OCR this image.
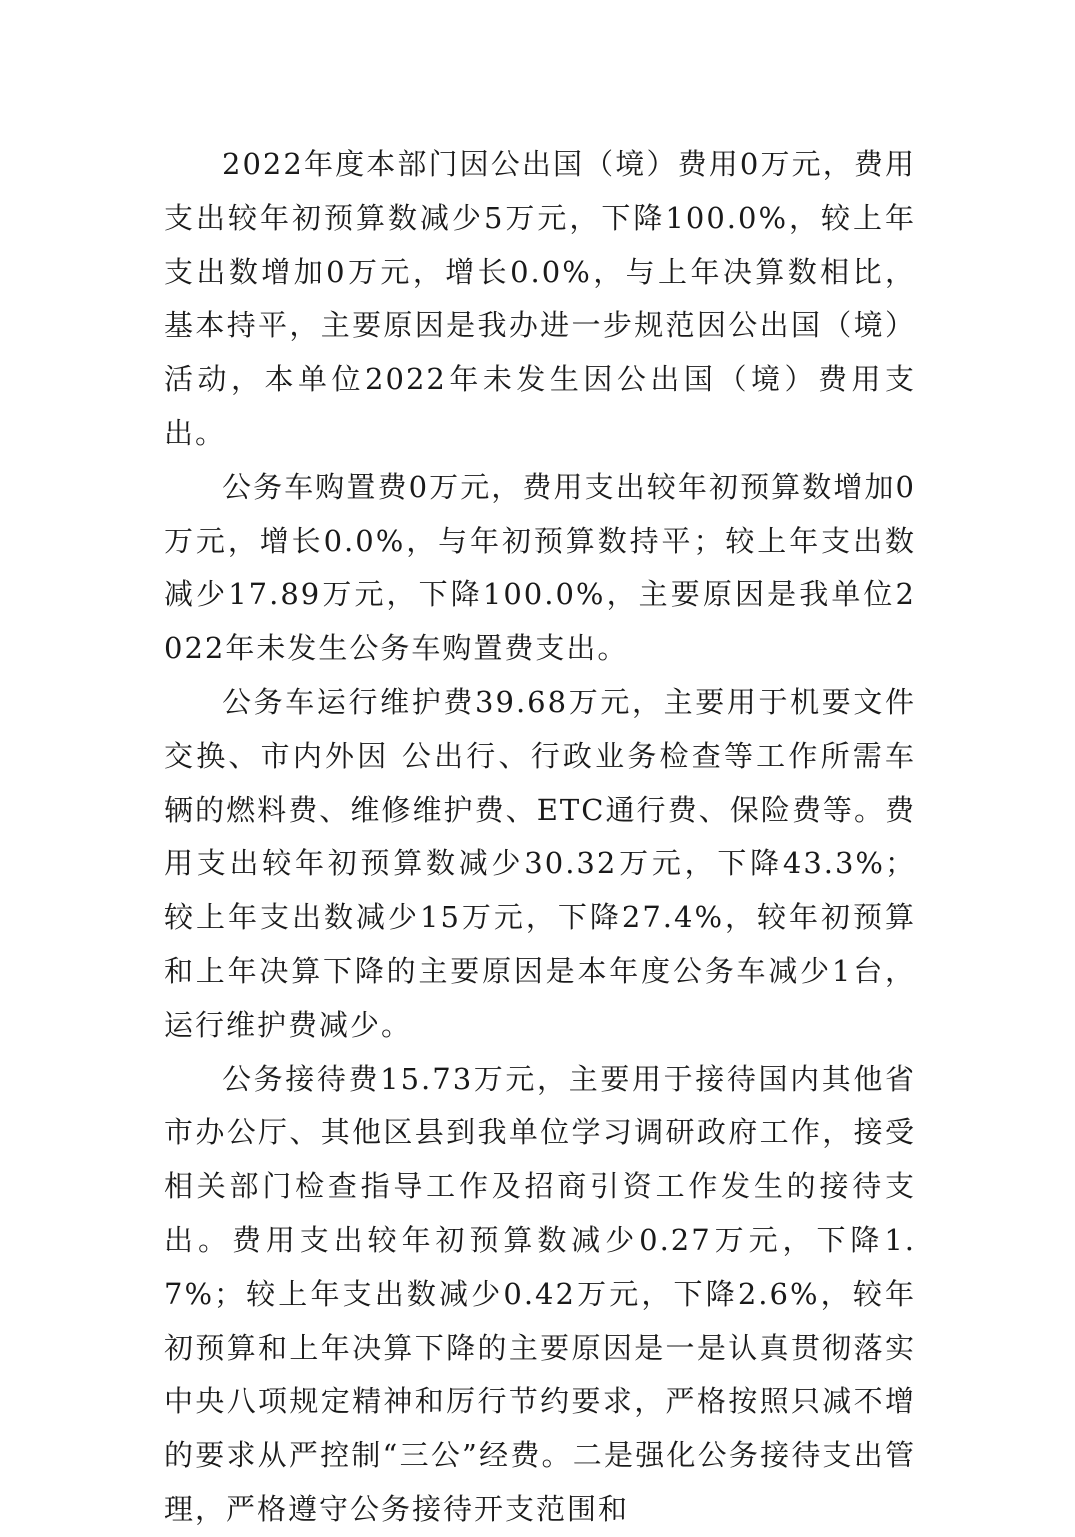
2022年度本部门因公出国（境）费用0万元，费用支出较年初预算数减少5万元，下降100.0%，较上年支出数增加0万元，增长0.0%，与上年决算数相比，基本持平，主要原因是我办进一步规范因公出国（境）活动，本单位2022年未发生因公出国（境）费用支出。

公务车购置费0万元，费用支出较年初预算数增加0万元，增长0.0%，与年初预算数持平；较上年支出数减少17.89万元，下降100.0%，主要原因是我单位2022年未发生公务车购置费支出。

公务车运行维护费39.68万元，主要用于机要文件交换、市内外因 公出行、行政业务检查等工作所需车辆的燃料费、维修维护费、ETC通行费、保险费等。费用支出较年初预算数减少30.32万元，下降43.3%；较上年支出数减少15万元，下降27.4%，较年初预算和上年决算下降的主要原因是本年度公务车减少1台，运行维护费减少。

公务接待费15.73万元，主要用于接待国内其他省市办公厅、其他区县到我单位学习调研政府工作，接受相关部门检查指导工作及招商引资工作发生的接待支出。费用支出较年初预算数减少0.27万元，下降1.7%；较上年支出数减少0.42万元，下降2.6%，较年初预算和上年决算下降的主要原因是一是认真贯彻落实中央八项规定精神和厉行节约要求，严格按照只减不增的要求从严控制“三公”经费。二是强化公务接待支出管理，严格遵守公务接待开支范围和
